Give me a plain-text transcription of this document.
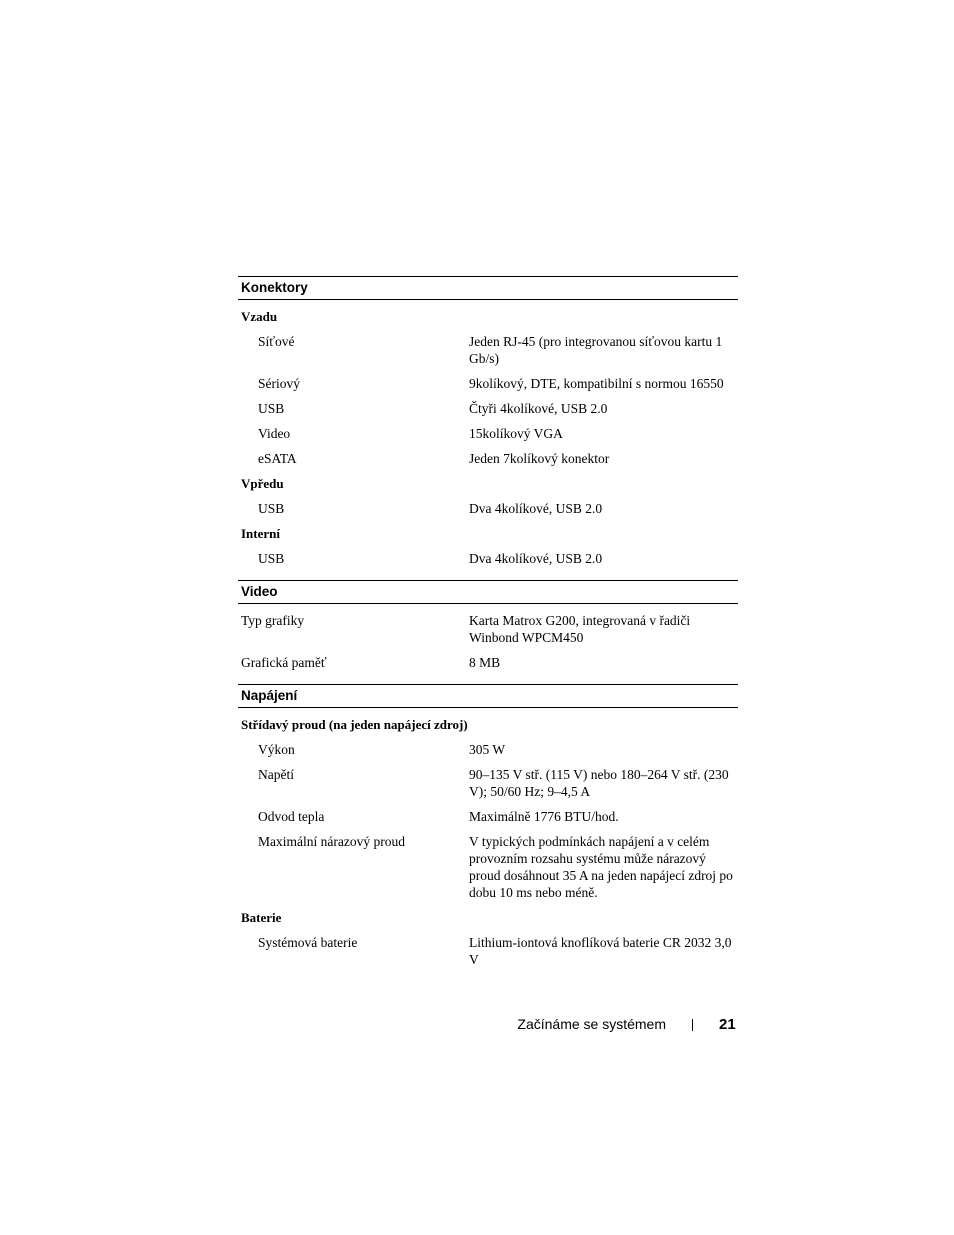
Konektory
Vzadu
Síťové	Jeden RJ-45 (pro integrovanou síťovou kartu 1 Gb/s)
Sériový	9kolíkový, DTE, kompatibilní s normou 16550
USB	Čtyři 4kolíkové, USB 2.0
Video	15kolíkový VGA
eSATA	Jeden 7kolíkový konektor
Vpředu
USB	Dva 4kolíkové, USB 2.0
Interní
USB	Dva 4kolíkové, USB 2.0
Video
Typ grafiky	Karta Matrox G200, integrovaná v řadiči Winbond WPCM450
Grafická paměť	8 MB
Napájení
Střídavý proud (na jeden napájecí zdroj)
Výkon	305 W
Napětí	90–135 V stř. (115 V) nebo 180–264 V stř. (230 V); 50/60 Hz; 9–4,5 A
Odvod tepla	Maximálně 1776 BTU/hod.
Maximální nárazový proud	V typických podmínkách napájení a v celém provozním rozsahu systému může nárazový proud dosáhnout 35 A na jeden napájecí zdroj po dobu 10 ms nebo méně.
Baterie
Systémová baterie	Lithium-iontová knoflíková baterie CR 2032 3,0 V
Začínáme se systémem	21
